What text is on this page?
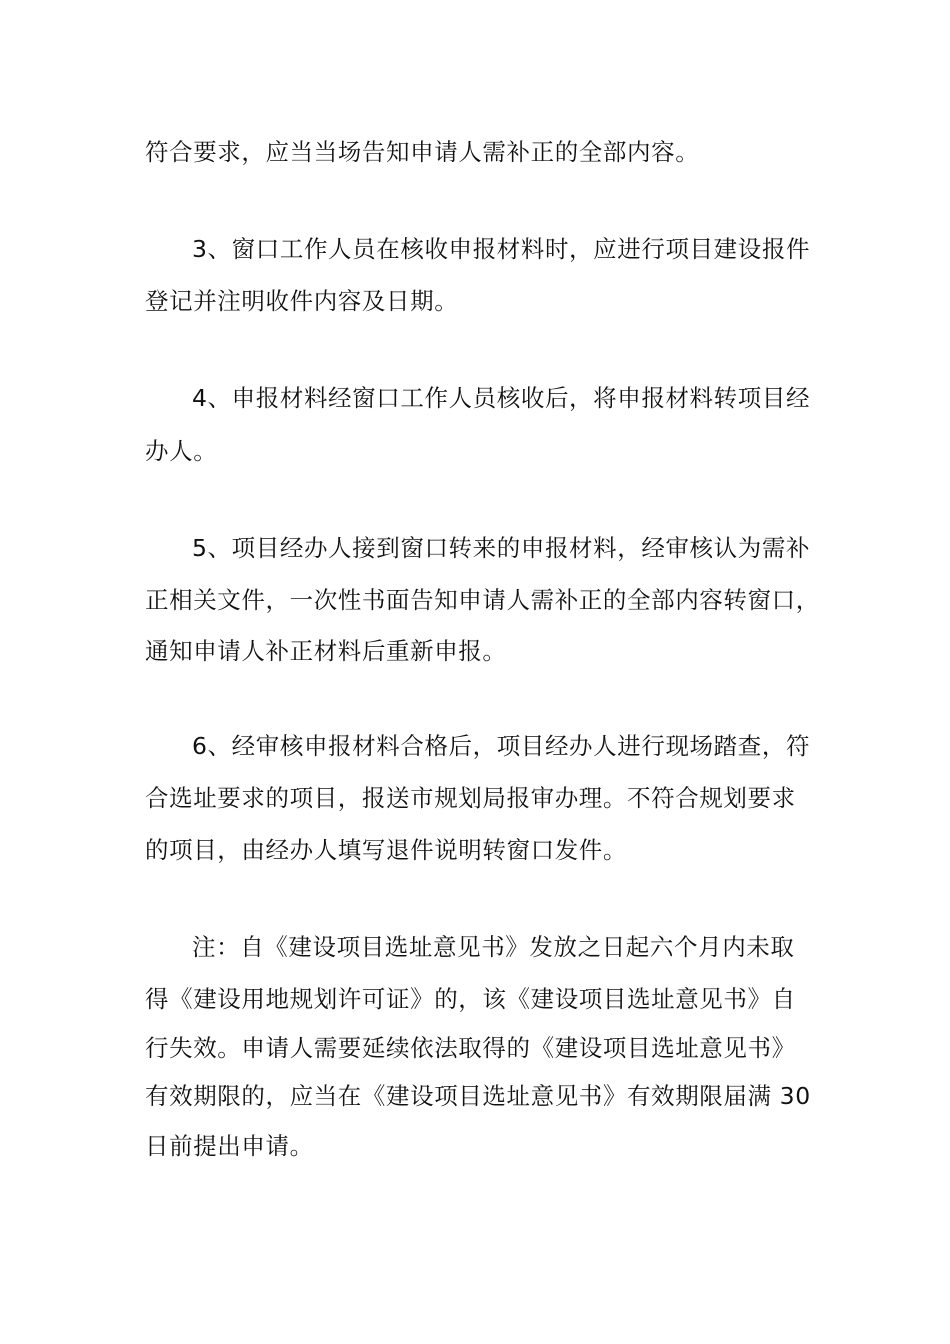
符合要求，应当当场告知申请人需补正的全部内容。
3、窗口工作人员在核收申报材料时，应进行项目建设报件
登记并注明收件内容及日期。
4、申报材料经窗口工作人员核收后，将申报材料转项目经
办人。
5、项目经办人接到窗口转来的申报材料，经审核认为需补
正相关文件，一次性书面告知申请人需补正的全部内容转窗口，
通知申请人补正材料后重新申报。
6、经审核申报材料合格后，项目经办人进行现场踏查，符
合选址要求的项目，报送市规划局报审办理。不符合规划要求
的项目，由经办人填写退件说明转窗口发件。
注：自《建设项目选址意见书》发放之日起六个月内未取
得《建设用地规划许可证》的，该《建设项目选址意见书》自
行失效。申请人需要延续依法取得的《建设项目选址意见书》
有效期限的，应当在《建设项目选址意见书》有效期限届满 30
日前提出申请。
